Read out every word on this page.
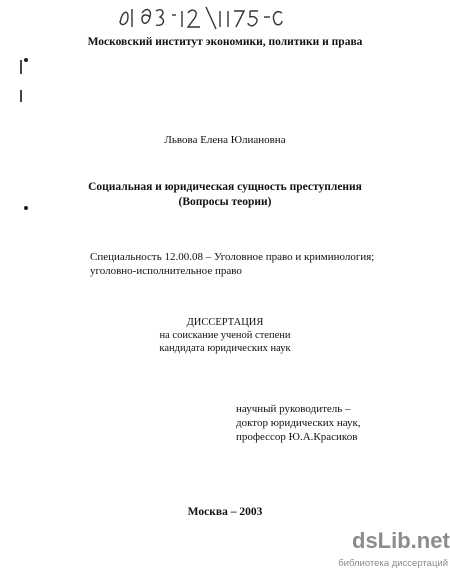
Московский институт экономики, политики и права
Львова Елена Юлиановна
Социальная и юридическая сущность преступления
(Вопросы теории)
Специальность 12.00.08 – Уголовное право и криминология;
уголовно-исполнительное право
ДИССЕРТАЦИЯ
на соискание ученой степени
кандидата юридических наук
научный руководитель –
доктор юридических наук,
профессор Ю.А.Красиков
Москва – 2003
dsLib.net
библиотека диссертаций
